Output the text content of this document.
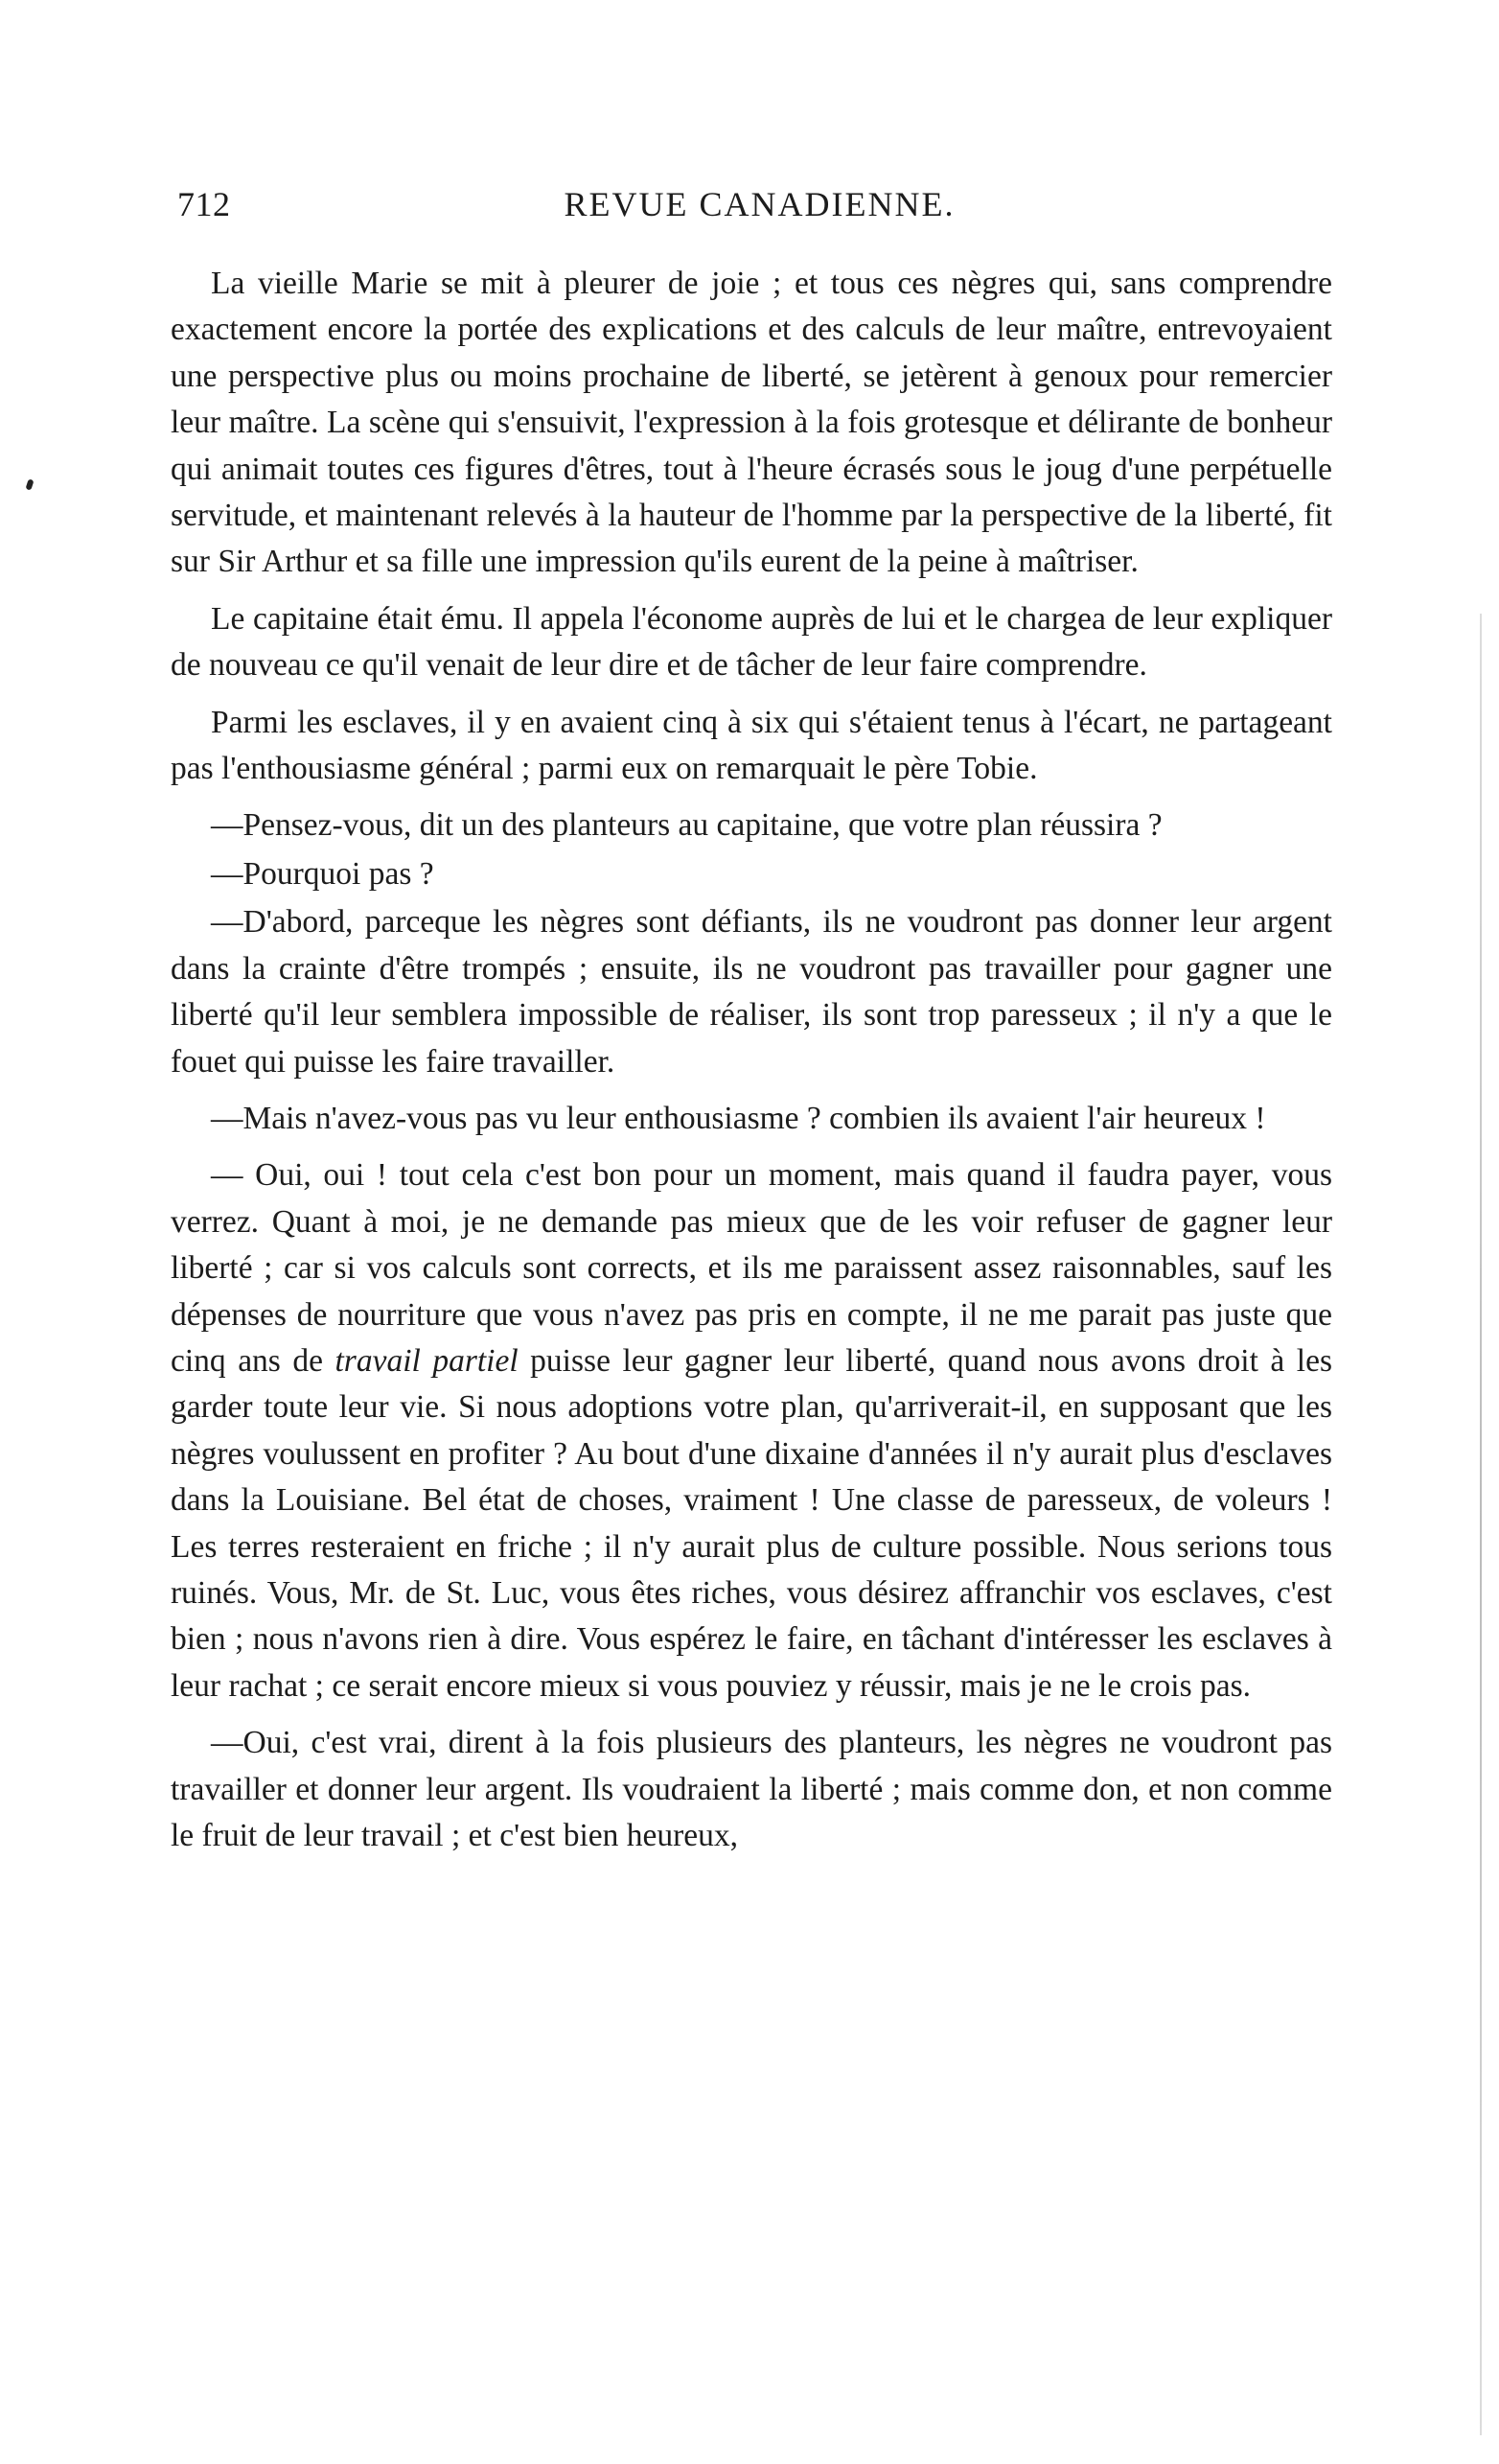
712	REVUE CANADIENNE.

La vieille Marie se mit à pleurer de joie ; et tous ces nègres qui, sans comprendre exactement encore la portée des explications et des calculs de leur maître, entrevoyaient une perspective plus ou moins prochaine de liberté, se jetèrent à genoux pour remercier leur maître. La scène qui s'ensuivit, l'expression à la fois grotesque et délirante de bonheur qui animait toutes ces figures d'êtres, tout à l'heure écrasés sous le joug d'une perpétuelle servitude, et maintenant relevés à la hauteur de l'homme par la perspective de la liberté, fit sur Sir Arthur et sa fille une impression qu'ils eurent de la peine à maîtriser.

Le capitaine était ému. Il appela l'économe auprès de lui et le chargea de leur expliquer de nouveau ce qu'il venait de leur dire et de tâcher de leur faire comprendre.

Parmi les esclaves, il y en avaient cinq à six qui s'étaient tenus à l'écart, ne partageant pas l'enthousiasme général ; parmi eux on remarquait le père Tobie.

—Pensez-vous, dit un des planteurs au capitaine, que votre plan réussira ?

—Pourquoi pas ?

—D'abord, parceque les nègres sont défiants, ils ne voudront pas donner leur argent dans la crainte d'être trompés ; ensuite, ils ne voudront pas travailler pour gagner une liberté qu'il leur semblera impossible de réaliser, ils sont trop paresseux ; il n'y a que le fouet qui puisse les faire travailler.

—Mais n'avez-vous pas vu leur enthousiasme ? combien ils avaient l'air heureux !

— Oui, oui ! tout cela c'est bon pour un moment, mais quand il faudra payer, vous verrez. Quant à moi, je ne demande pas mieux que de les voir refuser de gagner leur liberté ; car si vos calculs sont corrects, et ils me paraissent assez raisonnables, sauf les dépenses de nourriture que vous n'avez pas pris en compte, il ne me parait pas juste que cinq ans de travail partiel puisse leur gagner leur liberté, quand nous avons droit à les garder toute leur vie. Si nous adoptions votre plan, qu'arriverait-il, en supposant que les nègres voulussent en profiter ? Au bout d'une dixaine d'années il n'y aurait plus d'esclaves dans la Louisiane. Bel état de choses, vraiment ! Une classe de paresseux, de voleurs ! Les terres resteraient en friche ; il n'y aurait plus de culture possible. Nous serions tous ruinés. Vous, Mr. de St. Luc, vous êtes riches, vous désirez affranchir vos esclaves, c'est bien ; nous n'avons rien à dire. Vous espérez le faire, en tâchant d'intéresser les esclaves à leur rachat ; ce serait encore mieux si vous pouviez y réussir, mais je ne le crois pas.

—Oui, c'est vrai, dirent à la fois plusieurs des planteurs, les nègres ne voudront pas travailler et donner leur argent. Ils voudraient la liberté ; mais comme don, et non comme le fruit de leur travail ; et c'est bien heureux,
